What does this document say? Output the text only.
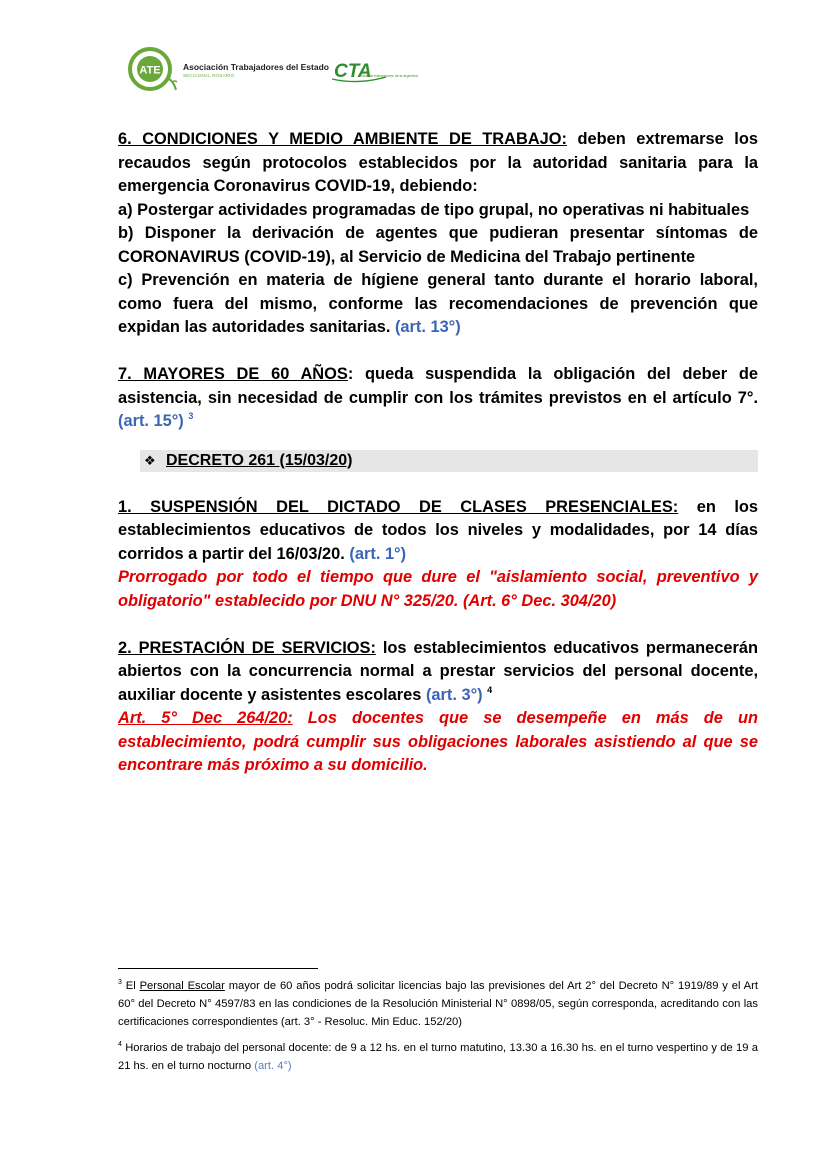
ATE	Asociación Trabajadores del Estado
SECCIONAL ROSARIO	CTA
central de trabajadores de la argentina

6. CONDICIONES Y MEDIO AMBIENTE DE TRABAJO: deben extremarse los recaudos según protocolos establecidos por la autoridad sanitaria para la emergencia Coronavirus COVID-19, debiendo:

a) Postergar actividades programadas de tipo grupal, no operativas ni habituales

b) Disponer la derivación de agentes que pudieran presentar síntomas de CORONAVIRUS (COVID-19), al Servicio de Medicina del Trabajo pertinente

c) Prevención en materia de hígiene general tanto durante el horario laboral, como fuera del mismo, conforme las recomendaciones de prevención que expidan las autoridades sanitarias. (art. 13°)

7. MAYORES DE 60 AÑOS: queda suspendida la obligación del deber de asistencia, sin necesidad de cumplir con los trámites previstos en el artículo 7°. (art. 15°) $^3$

❖ DECRETO 261 (15/03/20)

1. SUSPENSIÓN DEL DICTADO DE CLASES PRESENCIALES: en los establecimientos educativos de todos los niveles y modalidades, por 14 días corridos a partir del 16/03/20. (art. 1°)

Prorrogado por todo el tiempo que dure el "aislamiento social, preventivo y obligatorio" establecido por DNU N° 325/20. (Art. 6° Dec. 304/20)

2. PRESTACIÓN DE SERVICIOS: los establecimientos educativos permanecerán abiertos con la concurrencia normal a prestar servicios del personal docente, auxiliar docente y asistentes escolares (art. 3°) $^4$

Art. 5° Dec 264/20: Los docentes que se desempeñe en más de un establecimiento, podrá cumplir sus obligaciones laborales asistiendo al que se encontrare más próximo a su domicilio.

$^3$ El Personal Escolar mayor de 60 años podrá solicitar licencias bajo las previsiones del Art 2° del Decreto N° 1919/89 y el Art 60° del Decreto N° 4597/83 en las condiciones de la Resolución Ministerial N° 0898/05, según corresponda, acreditando con las certificaciones correspondientes (art. 3° - Resoluc. Min Educ. 152/20)

$^4$ Horarios de trabajo del personal docente: de 9 a 12 hs. en el turno matutino, 13.30 a 16.30 hs. en el turno vespertino y de 19 a 21 hs. en el turno nocturno (art. 4°)
